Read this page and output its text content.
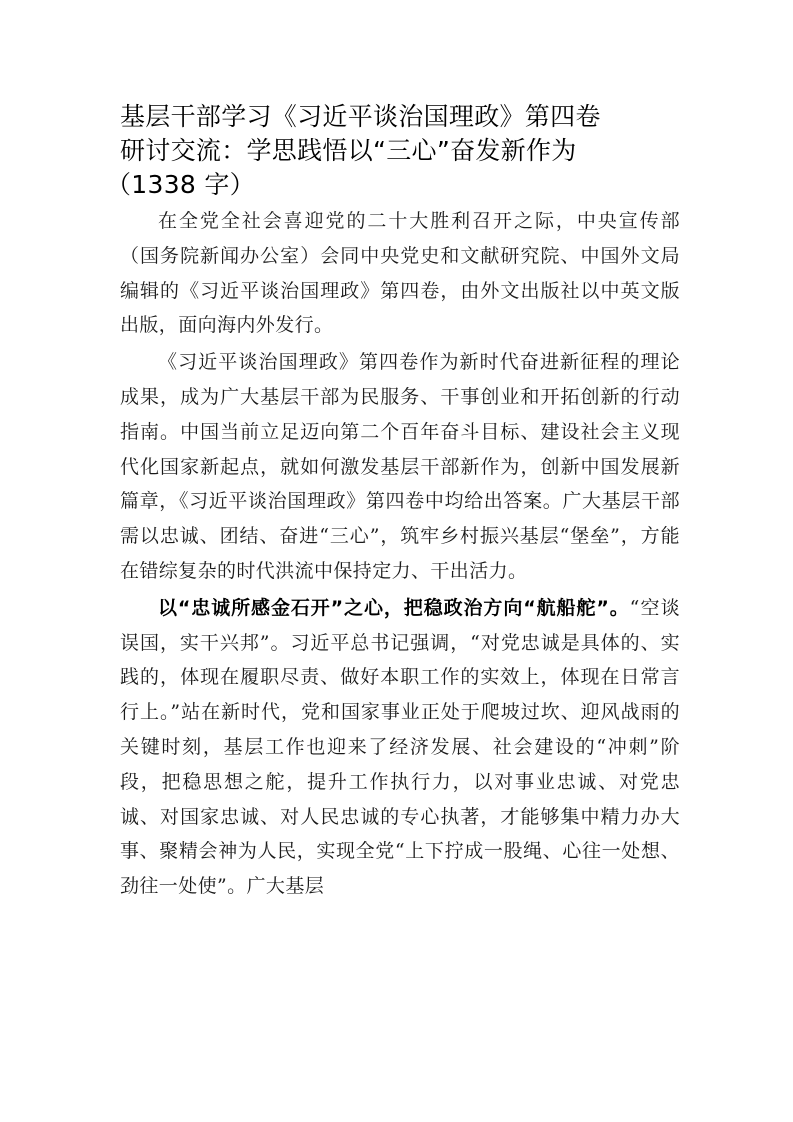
基层干部学习《习近平谈治国理政》第四卷
研讨交流：学思践悟以“三心”奋发新作为
（1338 字）

在全党全社会喜迎党的二十大胜利召开之际，中央宣传部（国务院新闻办公室）会同中央党史和文献研究院、中国外文局编辑的《习近平谈治国理政》第四卷，由外文出版社以中英文版出版，面向海内外发行。

《习近平谈治国理政》第四卷作为新时代奋进新征程的理论成果，成为广大基层干部为民服务、干事创业和开拓创新的行动指南。中国当前立足迈向第二个百年奋斗目标、建设社会主义现代化国家新起点，就如何激发基层干部新作为，创新中国发展新篇章，《习近平谈治国理政》第四卷中均给出答案。广大基层干部需以忠诚、团结、奋进“三心”，筑牢乡村振兴基层“堡垒”，方能在错综复杂的时代洪流中保持定力、干出活力。

以“忠诚所感金石开”之心，把稳政治方向“航船舵”。“空谈误国，实干兴邦”。习近平总书记强调，“对党忠诚是具体的、实践的，体现在履职尽责、做好本职工作的实效上，体现在日常言行上。”站在新时代，党和国家事业正处于爬坡过坎、迎风战雨的关键时刻，基层工作也迎来了经济发展、社会建设的“冲刺”阶段，把稳思想之舵，提升工作执行力，以对事业忠诚、对党忠诚、对国家忠诚、对人民忠诚的专心执著，才能够集中精力办大事、聚精会神为人民，实现全党“上下拧成一股绳、心往一处想、劲往一处使”。广大基层
